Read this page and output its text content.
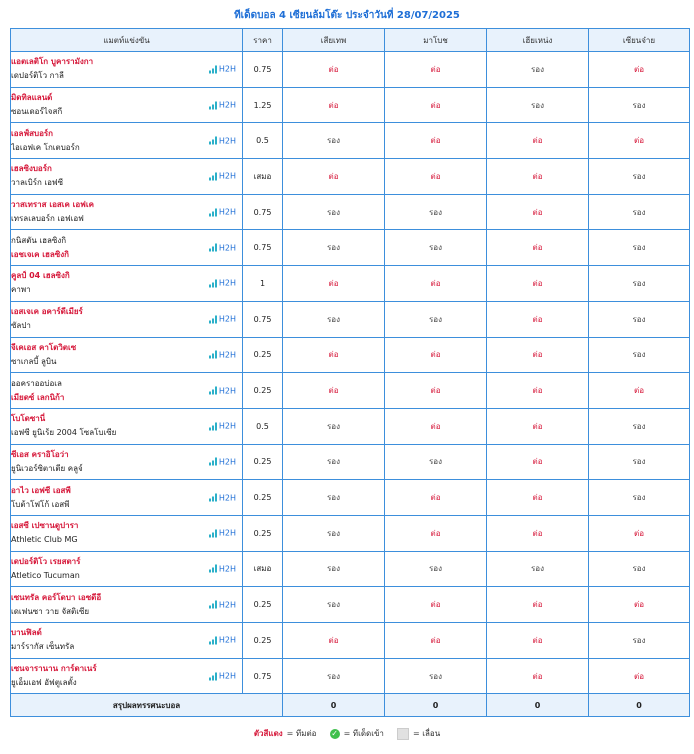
ทีเด็ดบอล 4 เซียนล้มโต๊ะ ประจำวันที่ 28/07/2025
แมตท์แข่งขัน	ราคา	เสียเทพ	มาโบช	เฮียเหน่ง	เซียนจ๋าย

แอตเลติโก บูคารามังกา
เดปอร์ติโว กาลี
H2H	0.75	ต่อ	ต่อ	รอง	ต่อ

มิดทิลแลนด์
ซอนเดอร์ไจสกี
H2H	1.25	ต่อ	ต่อ	รอง	รอง

เอลฟ์สบอร์ก
ไอเอฟเค โกเตบอร์ก
H2H	0.5	รอง	ต่อ	ต่อ	ต่อ

เฮลซิงบอร์ก
วาลเบิร์ก เอฟซี
H2H	เสมอ	ต่อ	ต่อ	ต่อ	รอง

วาสเทราส เอสเค เอฟเค
เทรลเลบอร์ก เอฟเอฟ
H2H	0.75	รอง	รอง	ต่อ	รอง

กนิสตัน เฮลซิงกิ
เอชเจเค เฮลซิงกิ
H2H	0.75	รอง	รอง	ต่อ	รอง

คูลป์ 04 เฮลซิงกิ
คาพา
H2H	1	ต่อ	ต่อ	ต่อ	รอง

เอสเจเค อคาร์ดีเมียร์
ซัลปา
H2H	0.75	รอง	รอง	ต่อ	รอง

จีเคเอส คาโตวิตเซ
ซาเกลบี้ ลูบิน
H2H	0.25	ต่อ	ต่อ	ต่อ	รอง

ออคราออบ่อเล
เมียดซ์ เลกนิก้า
H2H	0.25	ต่อ	ต่อ	ต่อ	ต่อ

โบโดซานี่
เอฟซี ยูนิเร้ย 2004 โซลโบเซีย
H2H	0.5	รอง	ต่อ	ต่อ	รอง

ซีเอส คราอิโอว่า
ยูนิเวอร์ซิตาเตีย คลูจ์
H2H	0.25	รอง	รอง	ต่อ	รอง

อาไว เอฟซี เอสพี
โบต้าโฟโก้ เอสพี
H2H	0.25	รอง	ต่อ	ต่อ	รอง

เอสซี เปซานดูปารา
Athletic Club MG
H2H	0.25	รอง	ต่อ	ต่อ	ต่อ

เดปอร์ติโว เรยสตาร์
Atletico Tucuman
H2H	เสมอ	รอง	รอง	รอง	รอง

เซนทรัล คอร์โดบา เอซดีอี
เดเฟนซา วาย จัสติเซีย
H2H	0.25	รอง	ต่อ	ต่อ	ต่อ

บานฟิลด์
มาร์รากัส เซ็นทรัล
H2H	0.25	ต่อ	ต่อ	ต่อ	รอง

เซนจารานาน การ์ดาเนร์
ยูเอ็มเอฟ อัฟตูเลตั้ง
H2H	0.75	รอง	รอง	ต่อ	ต่อ
สรุปผลทรรศนะบอล		0	0	0	0
ตัวสีแดง = ทีมต่อ
✓ = ทีเด็ดเข้า
	= เลื่อน
